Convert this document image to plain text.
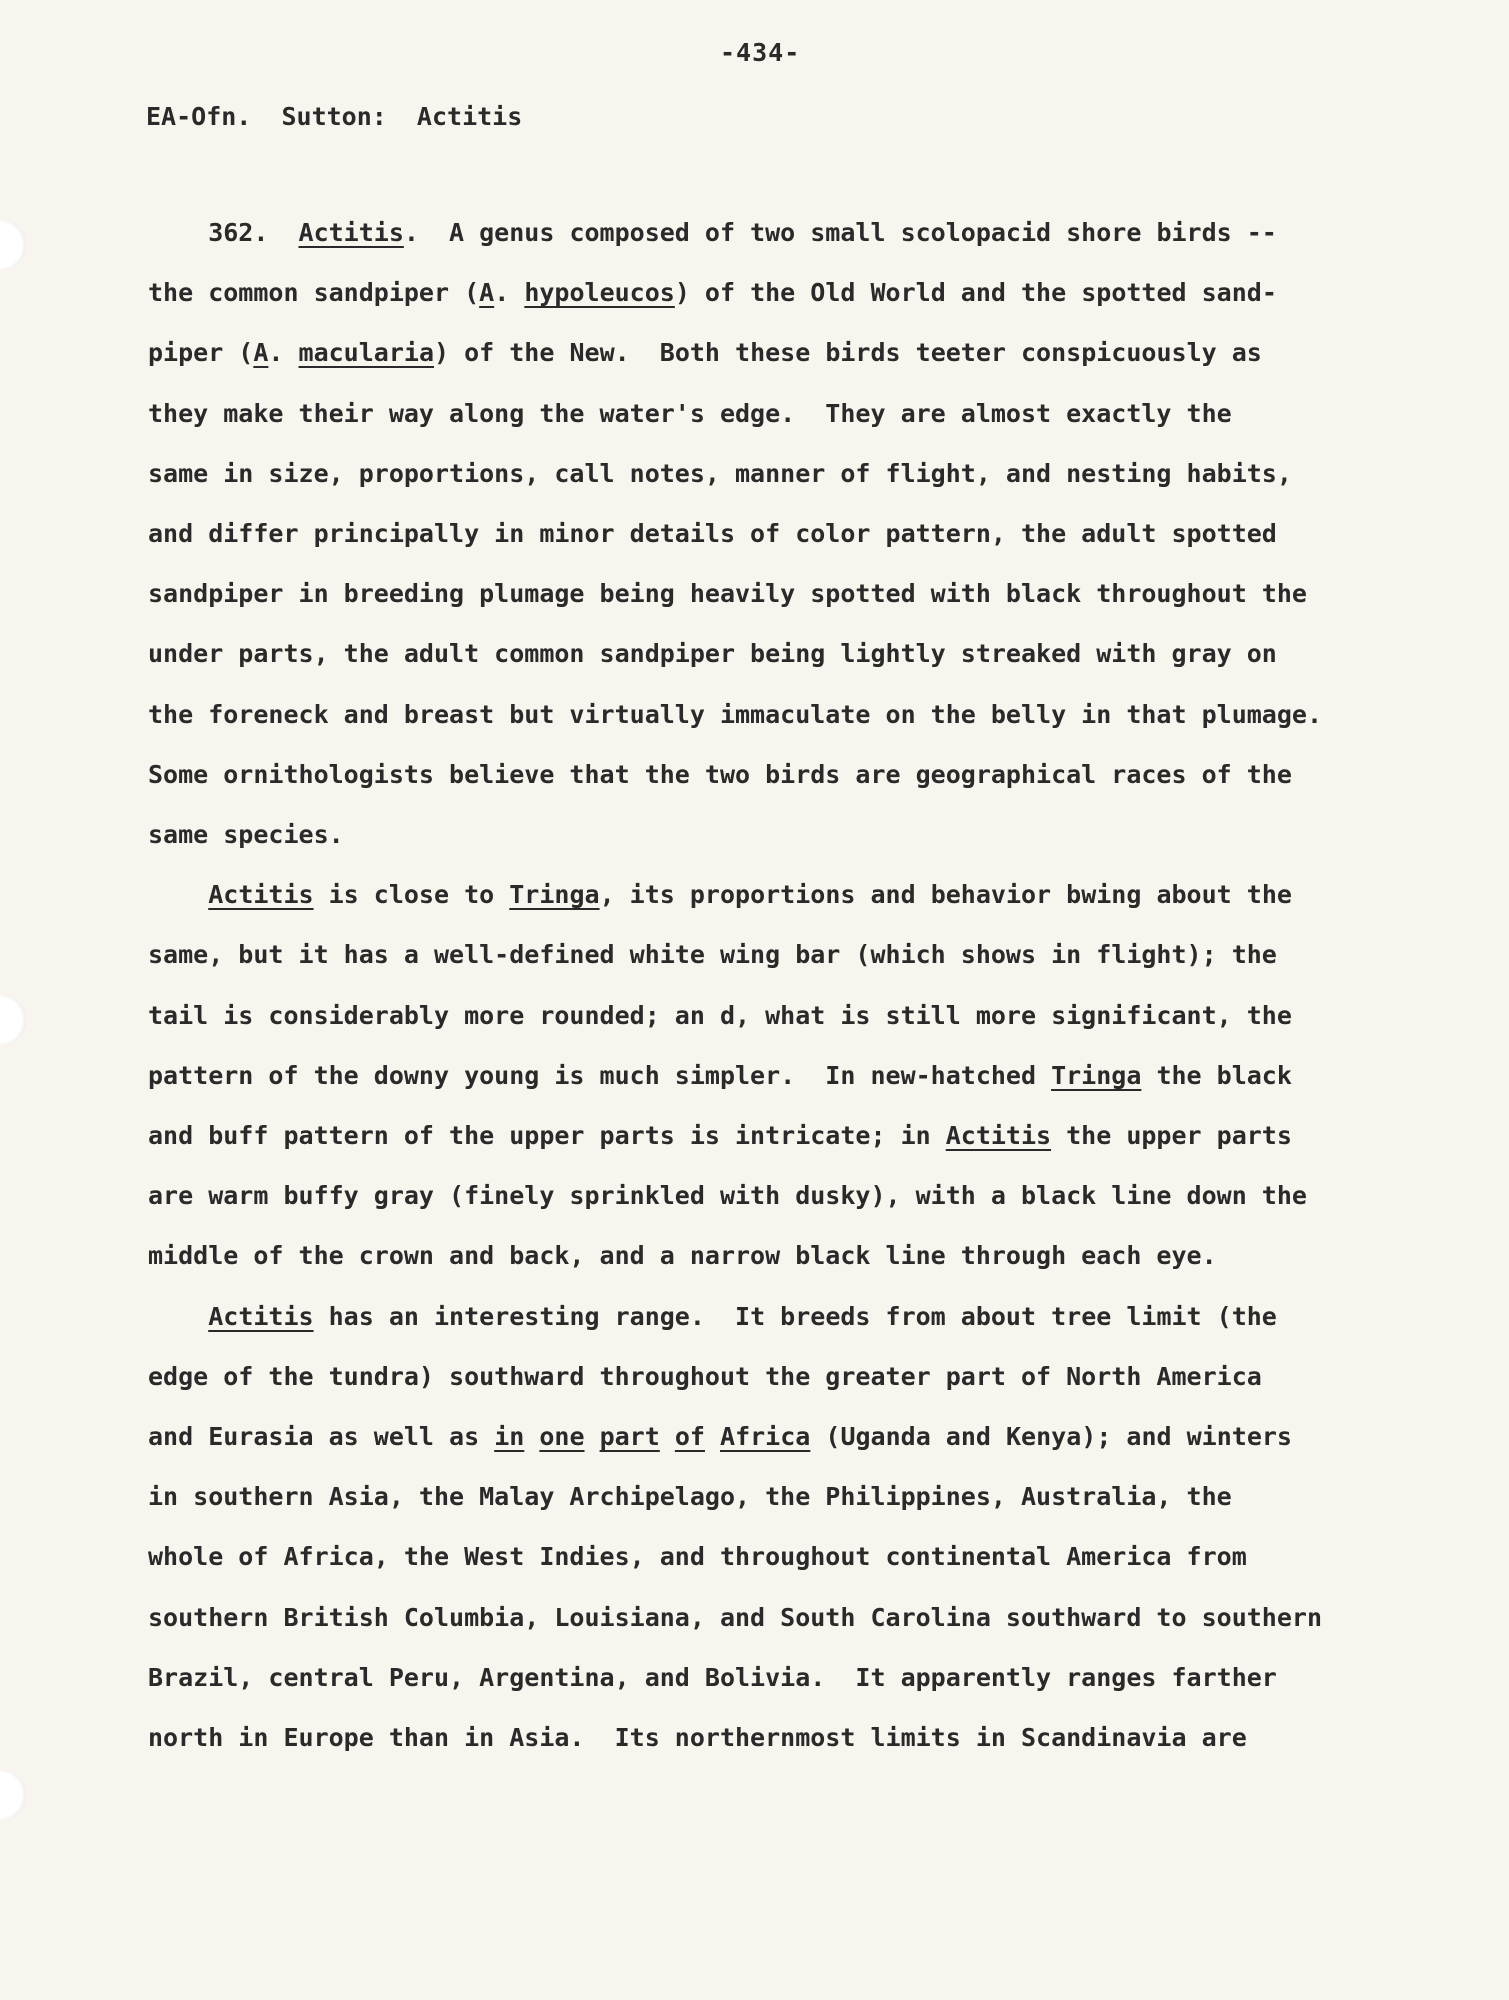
-434-
EA-Ofn.  Sutton:  Actitis
362.  Actitis.  A genus composed of two small scolopacid shore birds --
the common sandpiper (A. hypoleucos) of the Old World and the spotted sand-
piper (A. macularia) of the New.  Both these birds teeter conspicuously as
they make their way along the water's edge.  They are almost exactly the
same in size, proportions, call notes, manner of flight, and nesting habits,
and differ principally in minor details of color pattern, the adult spotted
sandpiper in breeding plumage being heavily spotted with black throughout the
under parts, the adult common sandpiper being lightly streaked with gray on
the foreneck and breast but virtually immaculate on the belly in that plumage.
Some ornithologists believe that the two birds are geographical races of the
same species.
Actitis is close to Tringa, its proportions and behavior bwing about the
same, but it has a well-defined white wing bar (which shows in flight); the
tail is considerably more rounded; an d, what is still more significant, the
pattern of the downy young is much simpler.  In new-hatched Tringa the black
and buff pattern of the upper parts is intricate; in Actitis the upper parts
are warm buffy gray (finely sprinkled with dusky), with a black line down the
middle of the crown and back, and a narrow black line through each eye.
Actitis has an interesting range.  It breeds from about tree limit (the
edge of the tundra) southward throughout the greater part of North America
and Eurasia as well as in one part of Africa (Uganda and Kenya); and winters
in southern Asia, the Malay Archipelago, the Philippines, Australia, the
whole of Africa, the West Indies, and throughout continental America from
southern British Columbia, Louisiana, and South Carolina southward to southern
Brazil, central Peru, Argentina, and Bolivia.  It apparently ranges farther
north in Europe than in Asia.  Its northernmost limits in Scandinavia are
